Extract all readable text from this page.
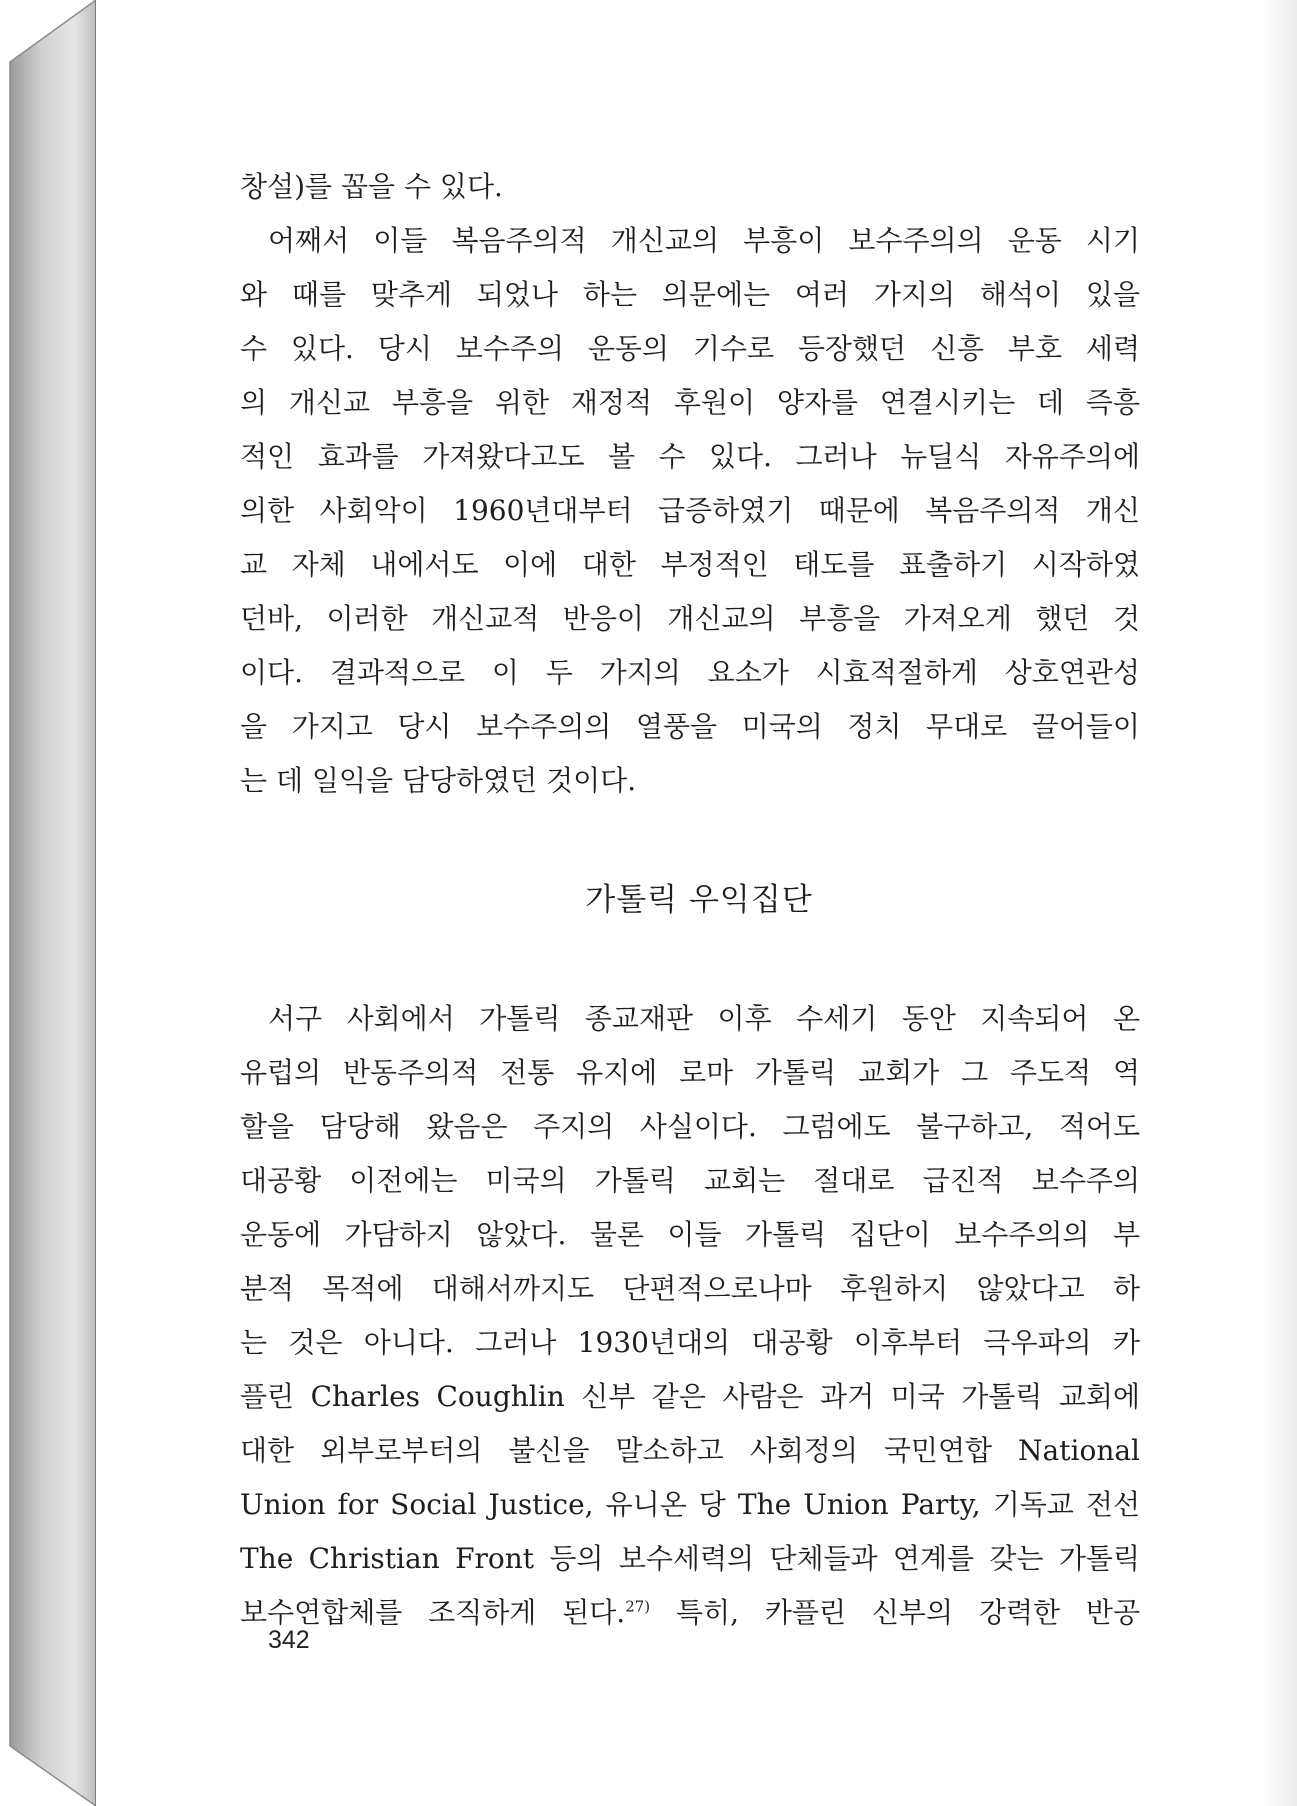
창설)를 꼽을 수 있다.

어째서 이들 복음주의적 개신교의 부흥이 보수주의의 운동 시기

와 때를 맞추게 되었나 하는 의문에는 여러 가지의 해석이 있을

수 있다. 당시 보수주의 운동의 기수로 등장했던 신흥 부호 세력

의 개신교 부흥을 위한 재정적 후원이 양자를 연결시키는 데 즉흥

적인 효과를 가져왔다고도 볼 수 있다. 그러나 뉴딜식 자유주의에

의한 사회악이 1960년대부터 급증하였기 때문에 복음주의적 개신

교 자체 내에서도 이에 대한 부정적인 태도를 표출하기 시작하였

던바, 이러한 개신교적 반응이 개신교의 부흥을 가져오게 했던 것

이다. 결과적으로 이 두 가지의 요소가 시효적절하게 상호연관성

을 가지고 당시 보수주의의 열풍을 미국의 정치 무대로 끌어들이

는 데 일익을 담당하였던 것이다.

가톨릭 우익집단

서구 사회에서 가톨릭 종교재판 이후 수세기 동안 지속되어 온

유럽의 반동주의적 전통 유지에 로마 가톨릭 교회가 그 주도적 역

할을 담당해 왔음은 주지의 사실이다. 그럼에도 불구하고, 적어도

대공황 이전에는 미국의 가톨릭 교회는 절대로 급진적 보수주의

운동에 가담하지 않았다. 물론 이들 가톨릭 집단이 보수주의의 부

분적 목적에 대해서까지도 단편적으로나마 후원하지 않았다고 하

는 것은 아니다. 그러나 1930년대의 대공황 이후부터 극우파의 카

플린 Charles Coughlin 신부 같은 사람은 과거 미국 가톨릭 교회에

대한 외부로부터의 불신을 말소하고 사회정의 국민연합 National

Union for Social Justice, 유니온 당 The Union Party, 기독교 전선

The Christian Front 등의 보수세력의 단체들과 연계를 갖는 가톨릭

보수연합체를 조직하게 된다.$^{27)}$ 특히, 카플린 신부의 강력한 반공

342
